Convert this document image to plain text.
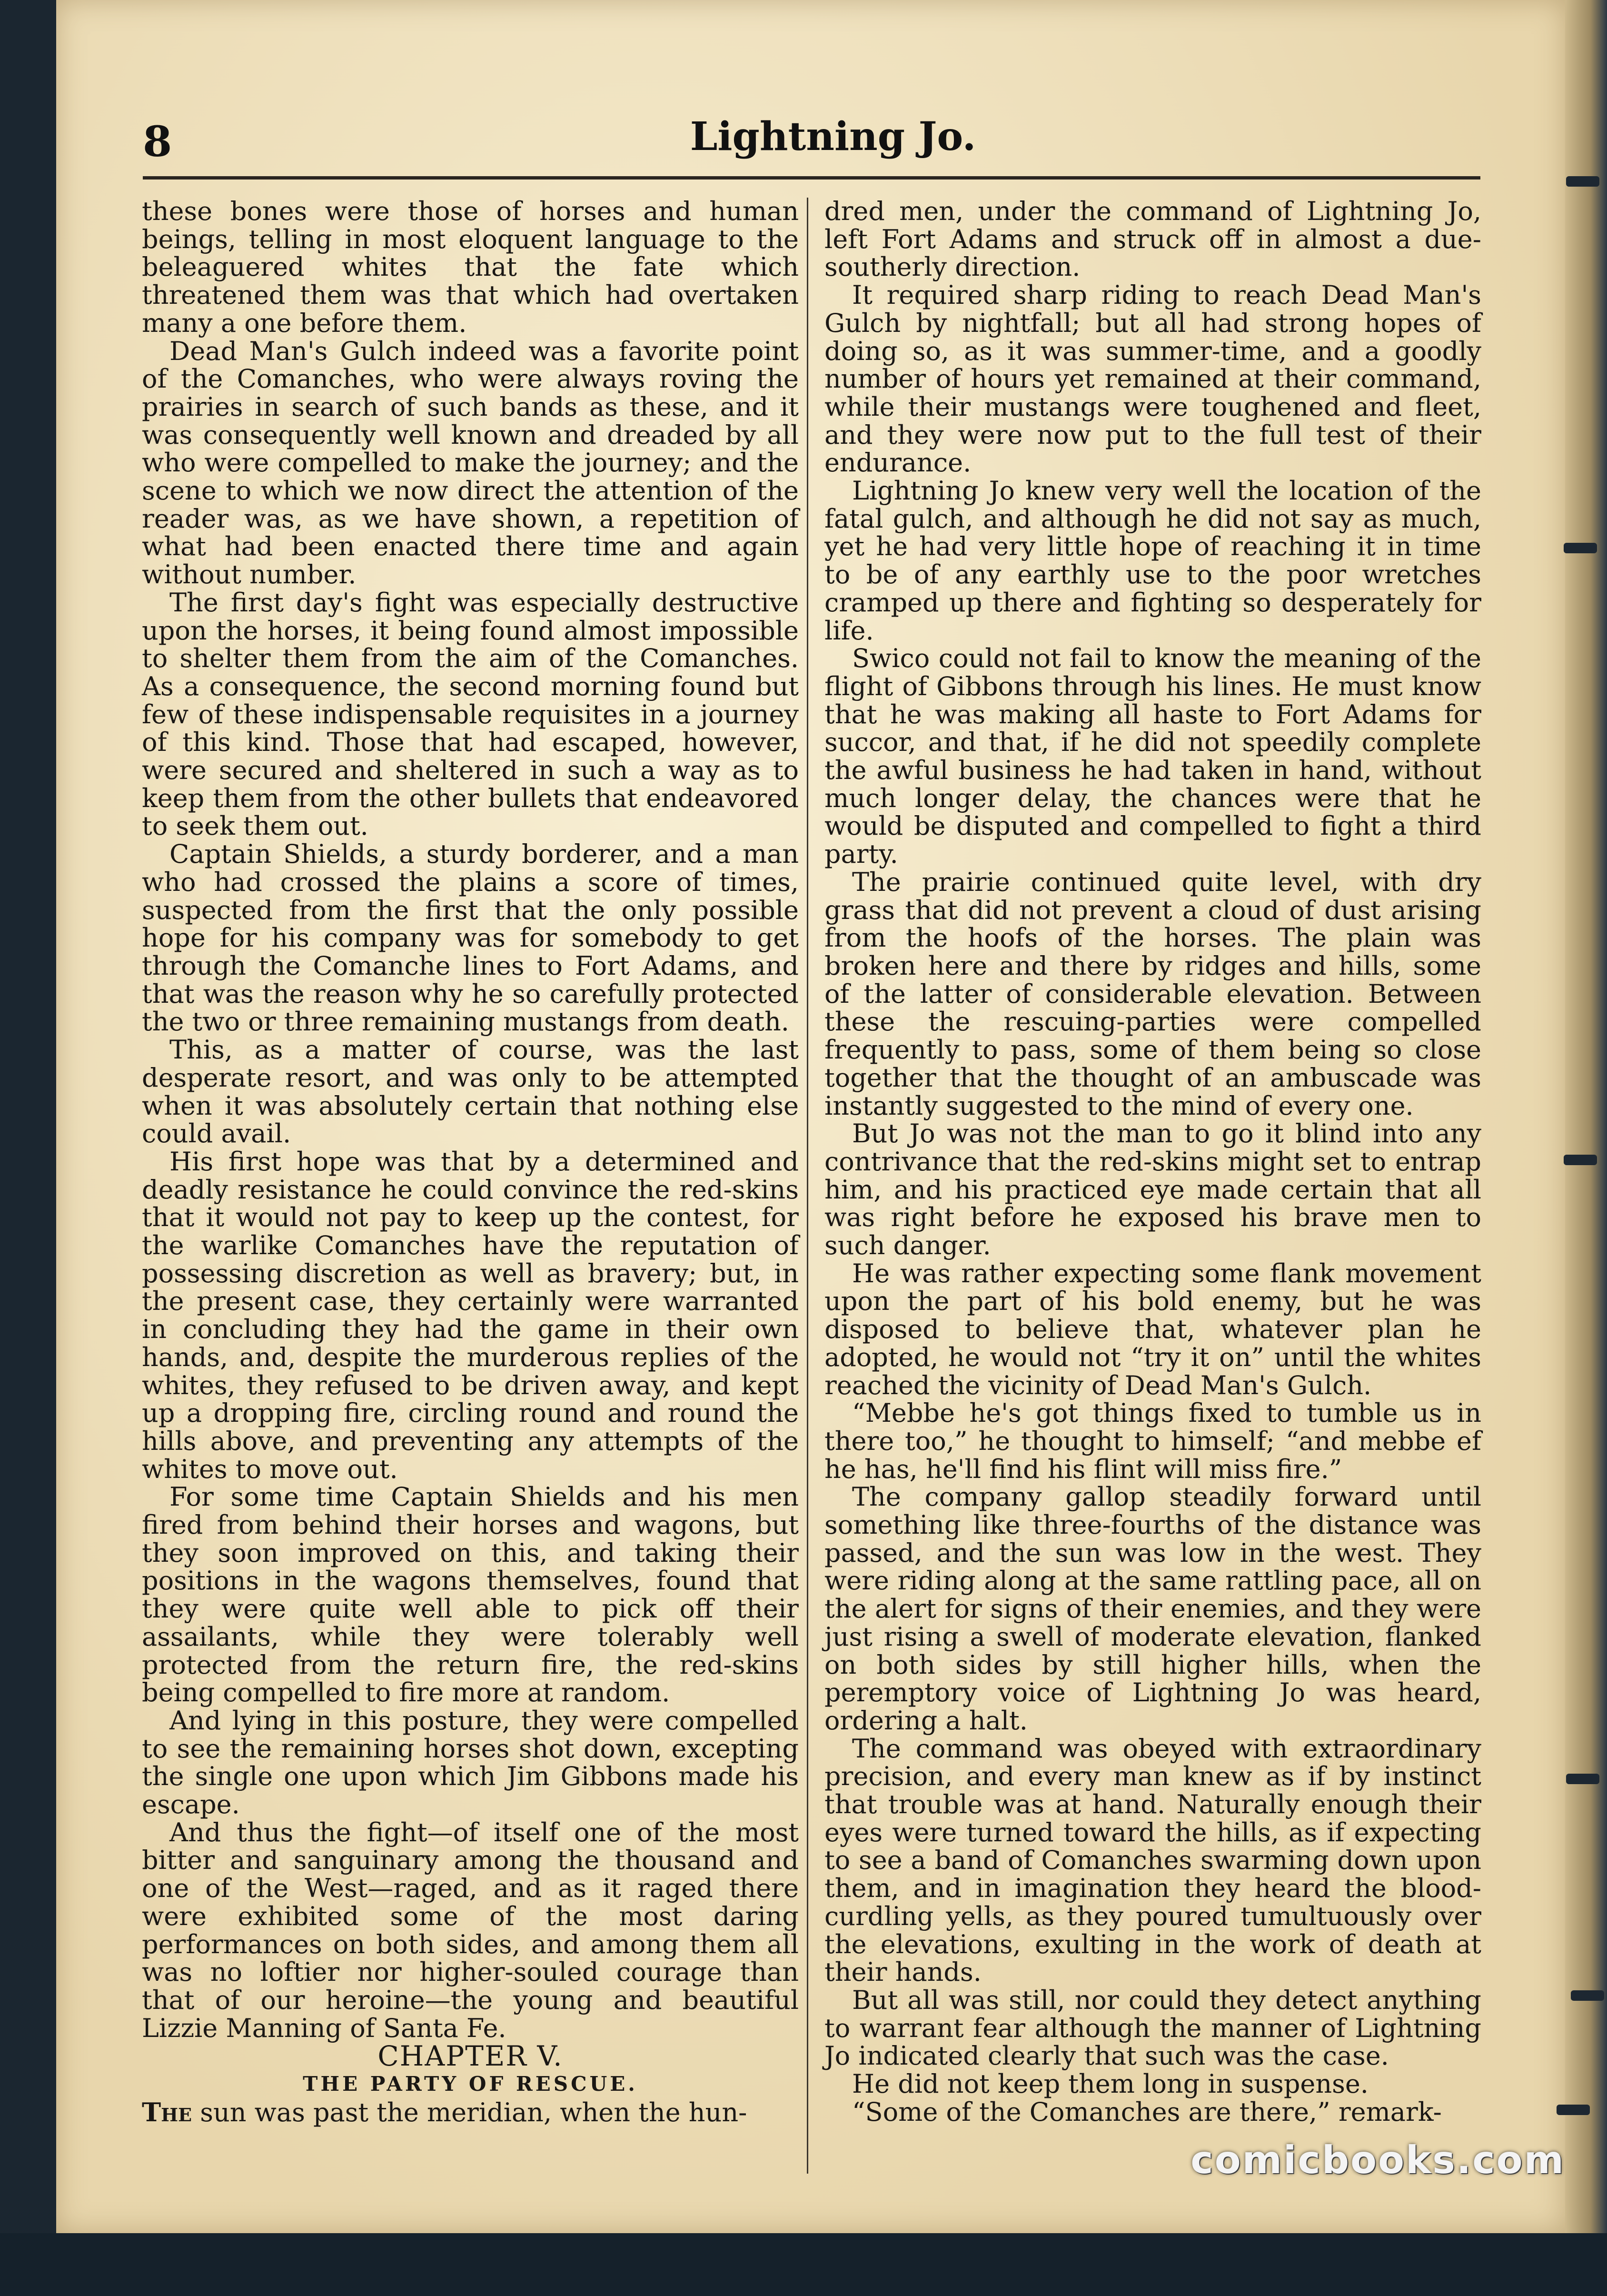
8	Lightning Jo.

these bones were those of horses and human beings, telling in most eloquent language to the beleaguered whites that the fate which threatened them was that which had overtaken many a one before them.

Dead Man's Gulch indeed was a favorite point of the Comanches, who were always roving the prairies in search of such bands as these, and it was consequently well known and dreaded by all who were compelled to make the journey; and the scene to which we now direct the attention of the reader was, as we have shown, a repetition of what had been enacted there time and again without number.

The first day's fight was especially destructive upon the horses, it being found almost impossible to shelter them from the aim of the Comanches. As a consequence, the second morning found but few of these indispensable requisites in a journey of this kind. Those that had escaped, however, were secured and sheltered in such a way as to keep them from the other bullets that endeavored to seek them out.

Captain Shields, a sturdy borderer, and a man who had crossed the plains a score of times, suspected from the first that the only possible hope for his company was for somebody to get through the Comanche lines to Fort Adams, and that was the reason why he so carefully protected the two or three remaining mustangs from death.

This, as a matter of course, was the last desperate resort, and was only to be attempted when it was absolutely certain that nothing else could avail.

His first hope was that by a determined and deadly resistance he could convince the red-skins that it would not pay to keep up the contest, for the warlike Comanches have the reputation of possessing discretion as well as bravery; but, in the present case, they certainly were warranted in concluding they had the game in their own hands, and, despite the murderous replies of the whites, they refused to be driven away, and kept up a dropping fire, circling round and round the hills above, and preventing any attempts of the whites to move out.

For some time Captain Shields and his men fired from behind their horses and wagons, but they soon improved on this, and taking their positions in the wagons themselves, found that they were quite well able to pick off their assailants, while they were tolerably well protected from the return fire, the red-skins being compelled to fire more at random.

And lying in this posture, they were compelled to see the remaining horses shot down, excepting the single one upon which Jim Gibbons made his escape.

And thus the fight—of itself one of the most bitter and sanguinary among the thousand and one of the West—raged, and as it raged there were exhibited some of the most daring performances on both sides, and among them all was no loftier nor higher-souled courage than that of our heroine—the young and beautiful Lizzie Manning of Santa Fe.

CHAPTER V.

THE PARTY OF RESCUE.

The sun was past the meridian, when the hun-

dred men, under the command of Lightning Jo, left Fort Adams and struck off in almost a due-southerly direction.

It required sharp riding to reach Dead Man's Gulch by nightfall; but all had strong hopes of doing so, as it was summer-time, and a goodly number of hours yet remained at their command, while their mustangs were toughened and fleet, and they were now put to the full test of their endurance.

Lightning Jo knew very well the location of the fatal gulch, and although he did not say as much, yet he had very little hope of reaching it in time to be of any earthly use to the poor wretches cramped up there and fighting so desperately for life.

Swico could not fail to know the meaning of the flight of Gibbons through his lines. He must know that he was making all haste to Fort Adams for succor, and that, if he did not speedily complete the awful business he had taken in hand, without much longer delay, the chances were that he would be disputed and compelled to fight a third party.

The prairie continued quite level, with dry grass that did not prevent a cloud of dust arising from the hoofs of the horses. The plain was broken here and there by ridges and hills, some of the latter of considerable elevation. Between these the rescuing-parties were compelled frequently to pass, some of them being so close together that the thought of an ambuscade was instantly suggested to the mind of every one.

But Jo was not the man to go it blind into any contrivance that the red-skins might set to entrap him, and his practiced eye made certain that all was right before he exposed his brave men to such danger.

He was rather expecting some flank movement upon the part of his bold enemy, but he was disposed to believe that, whatever plan he adopted, he would not “try it on” until the whites reached the vicinity of Dead Man's Gulch.

“Mebbe he's got things fixed to tumble us in there too,” he thought to himself; “and mebbe ef he has, he'll find his flint will miss fire.”

The company gallop steadily forward until something like three-fourths of the distance was passed, and the sun was low in the west. They were riding along at the same rattling pace, all on the alert for signs of their enemies, and they were just rising a swell of moderate elevation, flanked on both sides by still higher hills, when the peremptory voice of Lightning Jo was heard, ordering a halt.

The command was obeyed with extraordinary precision, and every man knew as if by instinct that trouble was at hand. Naturally enough their eyes were turned toward the hills, as if expecting to see a band of Comanches swarming down upon them, and in imagination they heard the blood-curdling yells, as they poured tumultuously over the elevations, exulting in the work of death at their hands.

But all was still, nor could they detect anything to warrant fear although the manner of Lightning Jo indicated clearly that such was the case.

He did not keep them long in suspense.

“Some of the Comanches are there,” remark-

comicbooks.com
